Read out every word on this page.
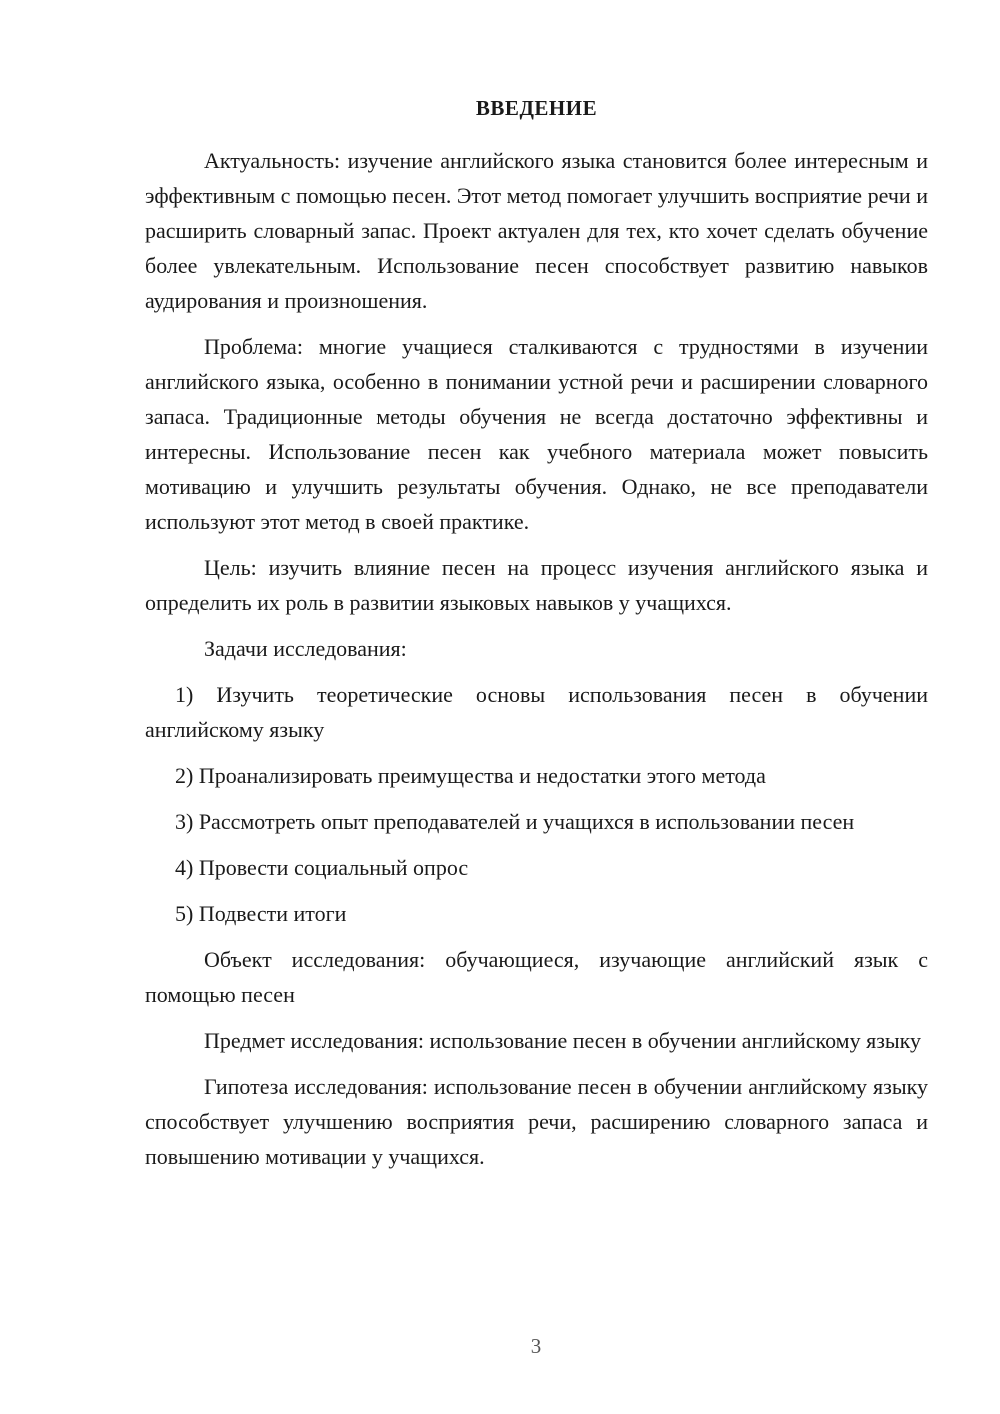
ВВЕДЕНИЕ

Актуальность: изучение английского языка становится более интересным и эффективным с помощью песен. Этот метод помогает улучшить восприятие речи и расширить словарный запас. Проект актуален для тех, кто хочет сделать обучение более увлекательным. Использование песен способствует развитию навыков аудирования и произношения.

Проблема: многие учащиеся сталкиваются с трудностями в изучении английского языка, особенно в понимании устной речи и расширении словарного запаса. Традиционные методы обучения не всегда достаточно эффективны и интересны. Использование песен как учебного материала может повысить мотивацию и улучшить результаты обучения. Однако, не все преподаватели используют этот метод в своей практике.

Цель: изучить влияние песен на процесс изучения английского языка и определить их роль в развитии языковых навыков у учащихся.

Задачи исследования:

1) Изучить теоретические основы использования песен в обучении английскому языку

2) Проанализировать преимущества и недостатки этого метода

3) Рассмотреть опыт преподавателей и учащихся в использовании песен

4) Провести социальный опрос

5) Подвести итоги

Объект исследования: обучающиеся, изучающие английский язык с помощью песен

Предмет исследования: использование песен в обучении английскому языку

Гипотеза исследования: использование песен в обучении английскому языку способствует улучшению восприятия речи, расширению словарного запаса и повышению мотивации у учащихся.

3
